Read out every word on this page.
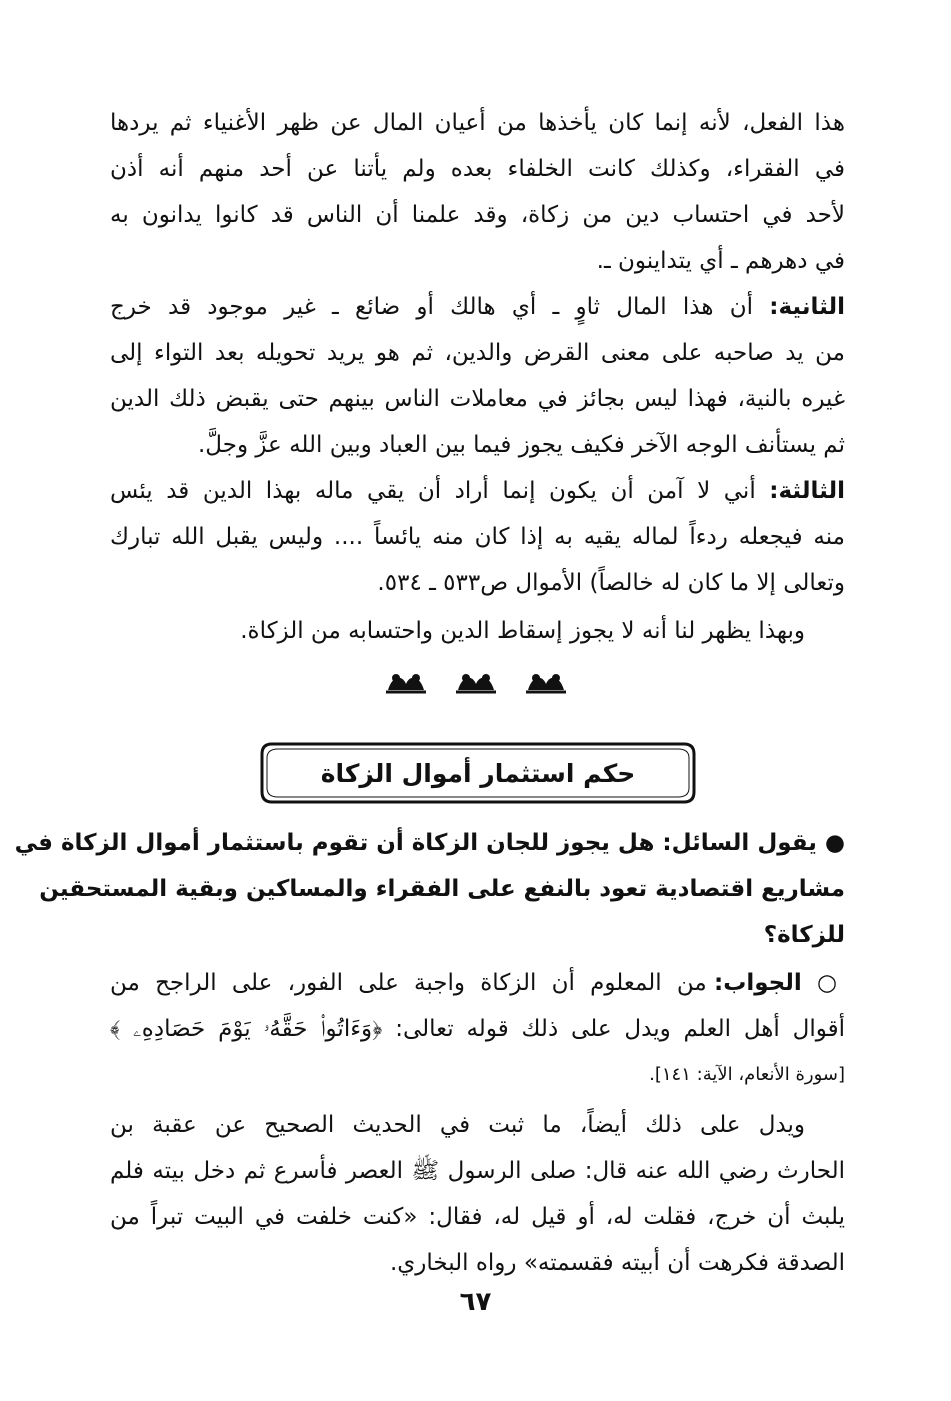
هذا الفعل، لأنه إنما كان يأخذها من أعيان المال عن ظهر الأغنياء ثم يردها
في الفقراء، وكذلك كانت الخلفاء بعده ولم يأتنا عن أحد منهم أنه أذن
لأحد في احتساب دين من زكاة، وقد علمنا أن الناس قد كانوا يدانون به
في دهرهم ـ أي يتداينون ـ.
الثانية: أن هذا المال ثاوٍ ـ أي هالك أو ضائع ـ غير موجود قد خرج
من يد صاحبه على معنى القرض والدين، ثم هو يريد تحويله بعد التواء إلى
غيره بالنية، فهذا ليس بجائز في معاملات الناس بينهم حتى يقبض ذلك الدين
ثم يستأنف الوجه الآخر فكيف يجوز فيما بين العباد وبين الله عزَّ وجلَّ.
الثالثة: أني لا آمن أن يكون إنما أراد أن يقي ماله بهذا الدين قد يئس
منه فيجعله ردءاً لماله يقيه به إذا كان منه يائساً .... وليس يقبل الله تبارك
وتعالى إلا ما كان له خالصاً) الأموال ص٥٣٣ ـ ٥٣٤.
وبهذا يظهر لنا أنه لا يجوز إسقاط الدين واحتسابه من الزكاة.
حكم استثمار أموال الزكاة
● يقول السائل: هل يجوز للجان الزكاة أن تقوم باستثمار أموال الزكاة في
مشاريع اقتصادية تعود بالنفع على الفقراء والمساكين وبقية المستحقين
للزكاة؟
○ الجواب: من المعلوم أن الزكاة واجبة على الفور، على الراجح من
أقوال أهل العلم ويدل على ذلك قوله تعالى: ﴿وَءَاتُوا۟ حَقَّهُۥ يَوْمَ حَصَادِهِۦ ﴾
[سورة الأنعام، الآية: ١٤١].
ويدل على ذلك أيضاً، ما ثبت في الحديث الصحيح عن عقبة بن
الحارث رضي الله عنه قال: صلى الرسول ﷺ العصر فأسرع ثم دخل بيته فلم
يلبث أن خرج، فقلت له، أو قيل له، فقال: «كنت خلفت في البيت تبراً من
الصدقة فكرهت أن أبيته فقسمته» رواه البخاري.
٦٧
